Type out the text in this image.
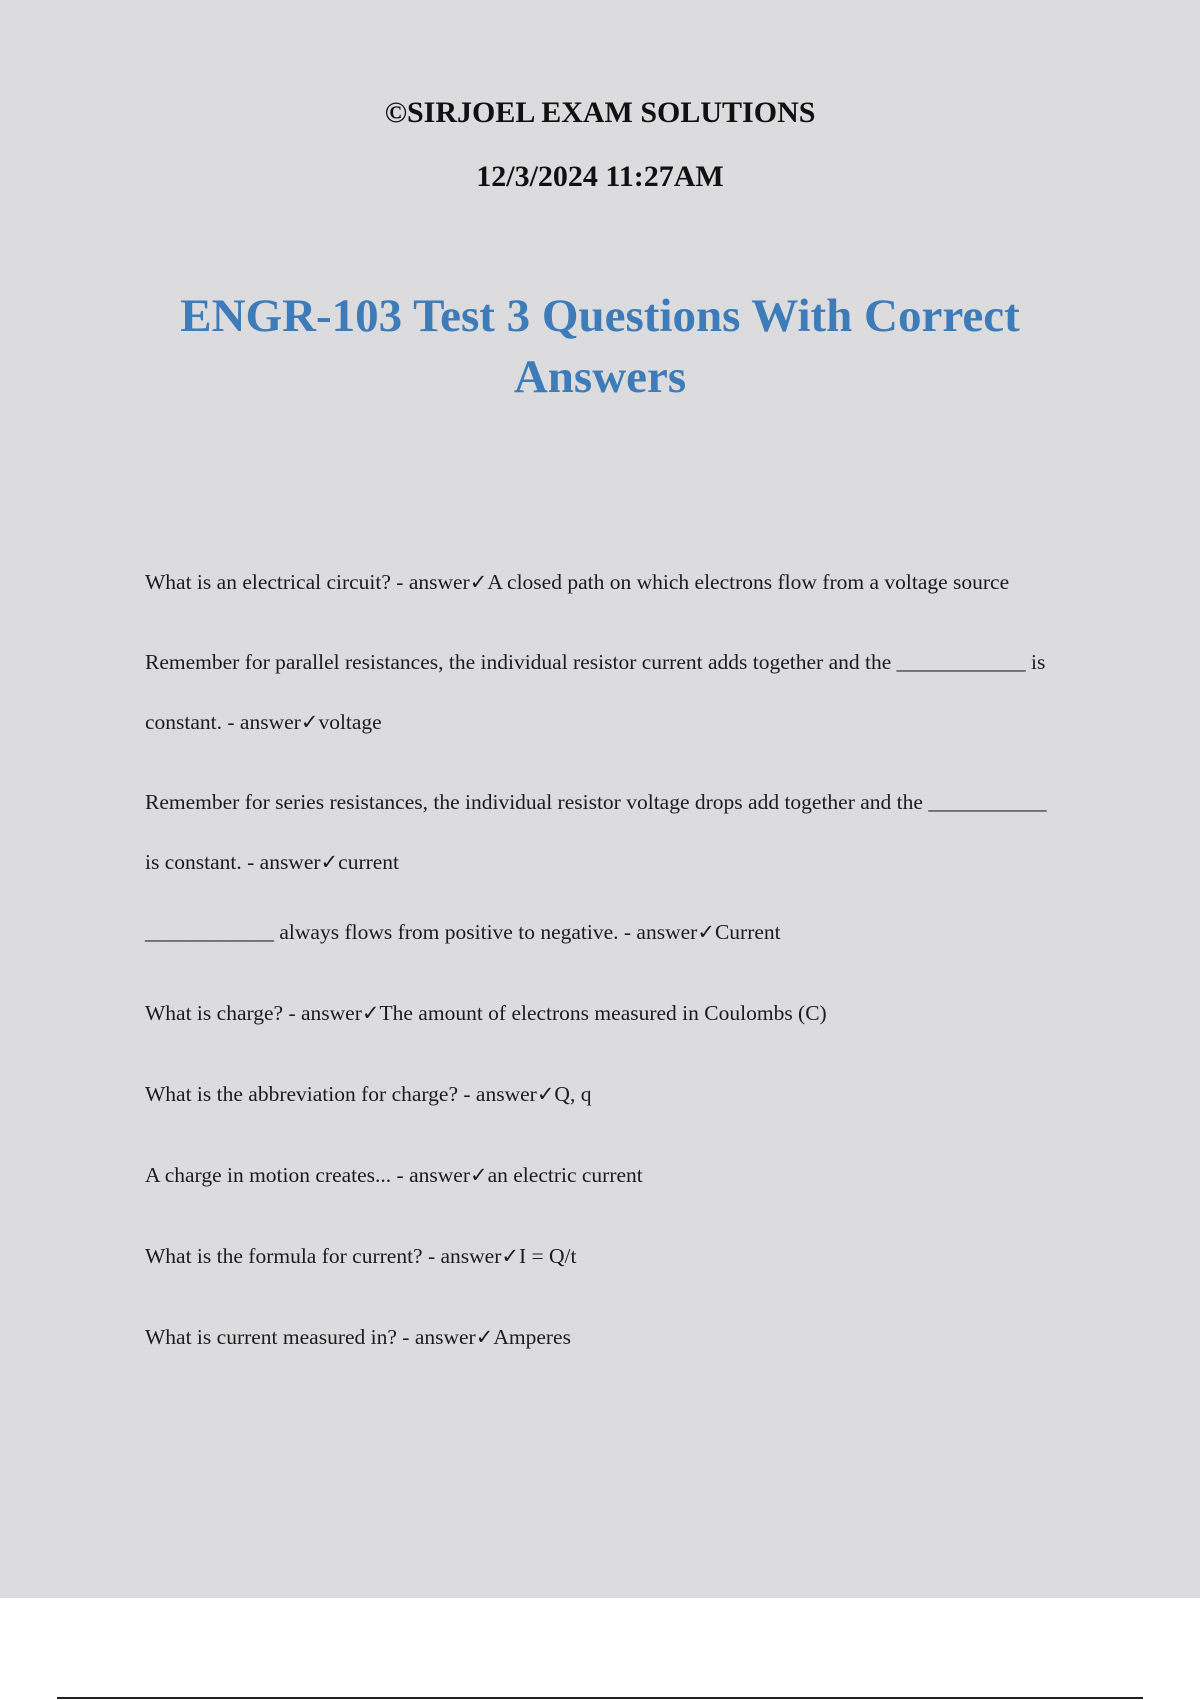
©SIRJOEL EXAM SOLUTIONS
12/3/2024 11:27AM
ENGR-103 Test 3 Questions With Correct Answers
What is an electrical circuit? - answer✓A closed path on which electrons flow from a voltage source
Remember for parallel resistances, the individual resistor current adds together and the ____________ is constant. - answer✓voltage
Remember for series resistances, the individual resistor voltage drops add together and the ___________ is constant. - answer✓current
____________ always flows from positive to negative. - answer✓Current
What is charge? - answer✓The amount of electrons measured in Coulombs (C)
What is the abbreviation for charge? - answer✓Q, q
A charge in motion creates... - answer✓an electric current
What is the formula for current? - answer✓I = Q/t
What is current measured in? - answer✓Amperes
